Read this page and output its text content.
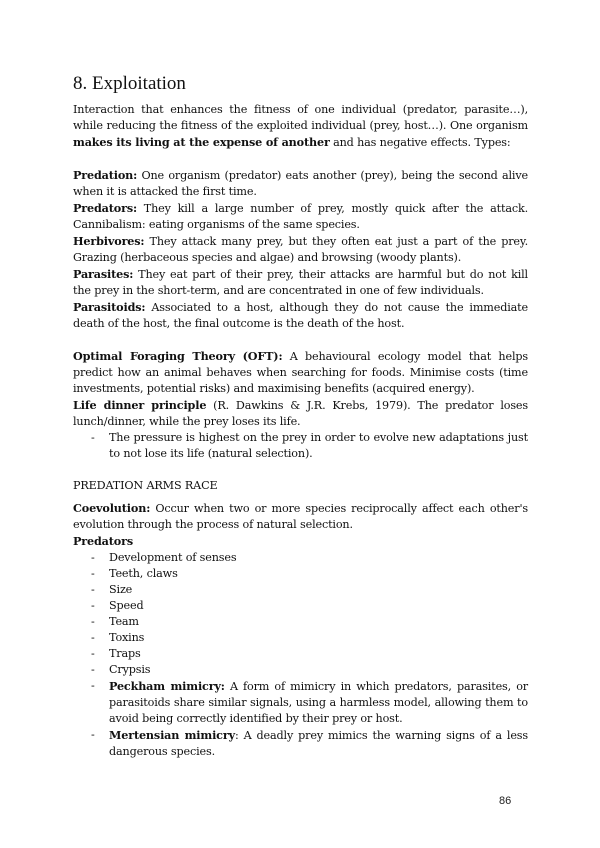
8. Exploitation

Interaction that enhances the fitness of one individual (predator, parasite…), while reducing the fitness of the exploited individual (prey, host…). One organism makes its living at the expense of another and has negative effects. Types:

Predation: One organism (predator) eats another (prey), being the second alive when it is attacked the first time.

Predators: They kill a large number of prey, mostly quick after the attack. Cannibalism: eating organisms of the same species.

Herbivores: They attack many prey, but they often eat just a part of the prey. Grazing (herbaceous species and algae) and browsing (woody plants).

Parasites: They eat part of their prey, their attacks are harmful but do not kill the prey in the short-term, and are concentrated in one of few individuals.

Parasitoids: Associated to a host, although they do not cause the immediate death of the host, the final outcome is the death of the host.

Optimal Foraging Theory (OFT): A behavioural ecology model that helps predict how an animal behaves when searching for foods. Minimise costs (time investments, potential risks) and maximising benefits (acquired energy).

Life dinner principle (R. Dawkins & J.R. Krebs, 1979). The predator loses lunch/dinner, while the prey loses its life.

- The pressure is highest on the prey in order to evolve new adaptations just to not lose its life (natural selection).

PREDATION ARMS RACE

Coevolution: Occur when two or more species reciprocally affect each other's evolution through the process of natural selection.

Predators

- Development of senses
- Teeth, claws
- Size
- Speed
- Team
- Toxins
- Traps
- Crypsis
- Peckham mimicry: A form of mimicry in which predators, parasites, or parasitoids share similar signals, using a harmless model, allowing them to avoid being correctly identified by their prey or host.
- Mertensian mimicry: A deadly prey mimics the warning signs of a less dangerous species.
86
